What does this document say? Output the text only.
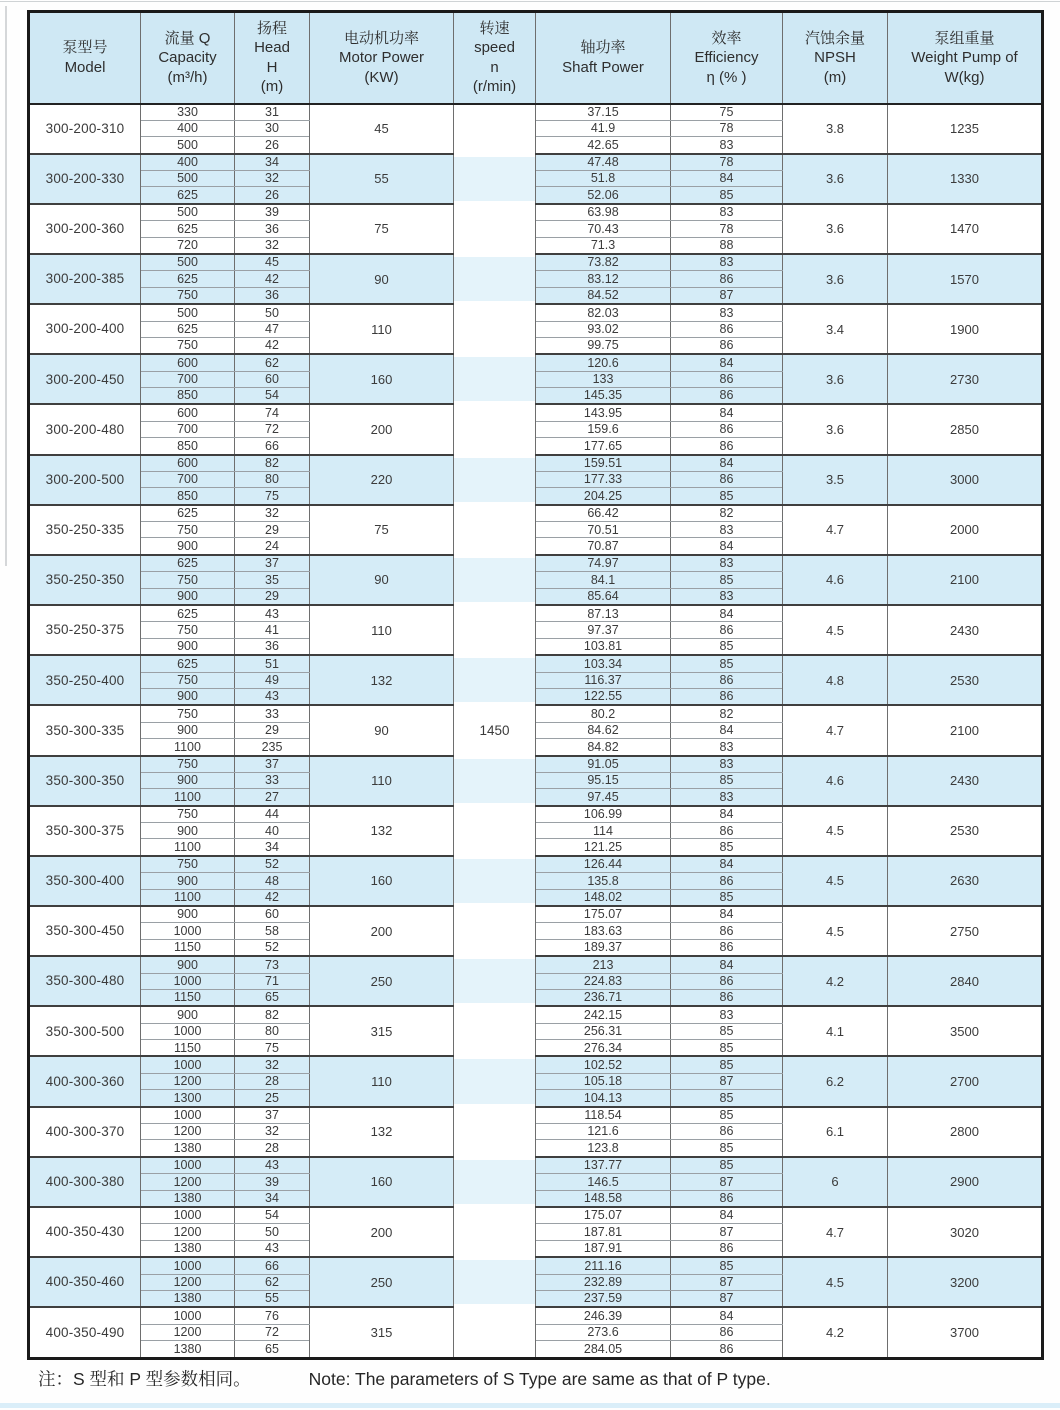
泵型号
Model

流量 Q
Capacity
(m³/h)

扬程
Head
H
(m)

电动机功率
Motor Power
(KW)

转速
speed
n
(r/min)

轴功率
Shaft Power

效率
Efficiency
η (% )

汽蚀余量
NPSH
(m)

泵组重量
Weight Pump of
W(kg)

300-200-310	330	31	45		37.15	75	3.8	1235
	400	30			41.9	78		
	500	26			42.65	83		
300-200-330	400	34	55		47.48	78	3.6	1330
	500	32			51.8	84		
	625	26			52.06	85		
300-200-360	500	39	75		63.98	83	3.6	1470
	625	36			70.43	78		
	720	32			71.3	88		
300-200-385	500	45	90		73.82	83	3.6	1570
	625	42			83.12	86		
	750	36			84.52	87		
300-200-400	500	50	110		82.03	83	3.4	1900
	625	47			93.02	86		
	750	42			99.75	86		
300-200-450	600	62	160		120.6	84	3.6	2730
	700	60			133	86		
	850	54			145.35	86		
300-200-480	600	74	200		143.95	84	3.6	2850
	700	72			159.6	86		
	850	66			177.65	86		
300-200-500	600	82	220		159.51	84	3.5	3000
	700	80			177.33	86		
	850	75			204.25	85		
350-250-335	625	32	75		66.42	82	4.7	2000
	750	29			70.51	83		
	900	24			70.87	84		
350-250-350	625	37	90		74.97	83	4.6	2100
	750	35			84.1	85		
	900	29			85.64	83		
350-250-375	625	43	110		87.13	84	4.5	2430
	750	41			97.37	86		
	900	36			103.81	85		
350-250-400	625	51	132		103.34	85	4.8	2530
	750	49			116.37	86		
	900	43			122.55	86		
350-300-335	750	33	90	1450	80.2	82	4.7	2100
	900	29			84.62	84		
	1100	235			84.82	83		
350-300-350	750	37	110		91.05	83	4.6	2430
	900	33			95.15	85		
	1100	27			97.45	83		
350-300-375	750	44	132		106.99	84	4.5	2530
	900	40			114	86		
	1100	34			121.25	85		
350-300-400	750	52	160		126.44	84	4.5	2630
	900	48			135.8	86		
	1100	42			148.02	85		
350-300-450	900	60	200		175.07	84	4.5	2750
	1000	58			183.63	86		
	1150	52			189.37	86		
350-300-480	900	73	250		213	84	4.2	2840
	1000	71			224.83	86		
	1150	65			236.71	86		
350-300-500	900	82	315		242.15	83	4.1	3500
	1000	80			256.31	85		
	1150	75			276.34	85		
400-300-360	1000	32	110		102.52	85	6.2	2700
	1200	28			105.18	87		
	1300	25			104.13	85		
400-300-370	1000	37	132		118.54	85	6.1	2800
	1200	32			121.6	86		
	1380	28			123.8	85		
400-300-380	1000	43	160		137.77	85	6	2900
	1200	39			146.5	87		
	1380	34			148.58	86		
400-350-430	1000	54	200		175.07	84	4.7	3020
	1200	50			187.81	87		
	1380	43			187.91	86		
400-350-460	1000	66	250		211.16	85	4.5	3200
	1200	62			232.89	87		
	1380	55			237.59	87		
400-350-490	1000	76	315		246.39	84	4.2	3700
	1200	72			273.6	86		
	1380	65			284.05	86		
注：S 型和 P 型参数相同。	Note: The parameters of S Type are same as that of P type.
